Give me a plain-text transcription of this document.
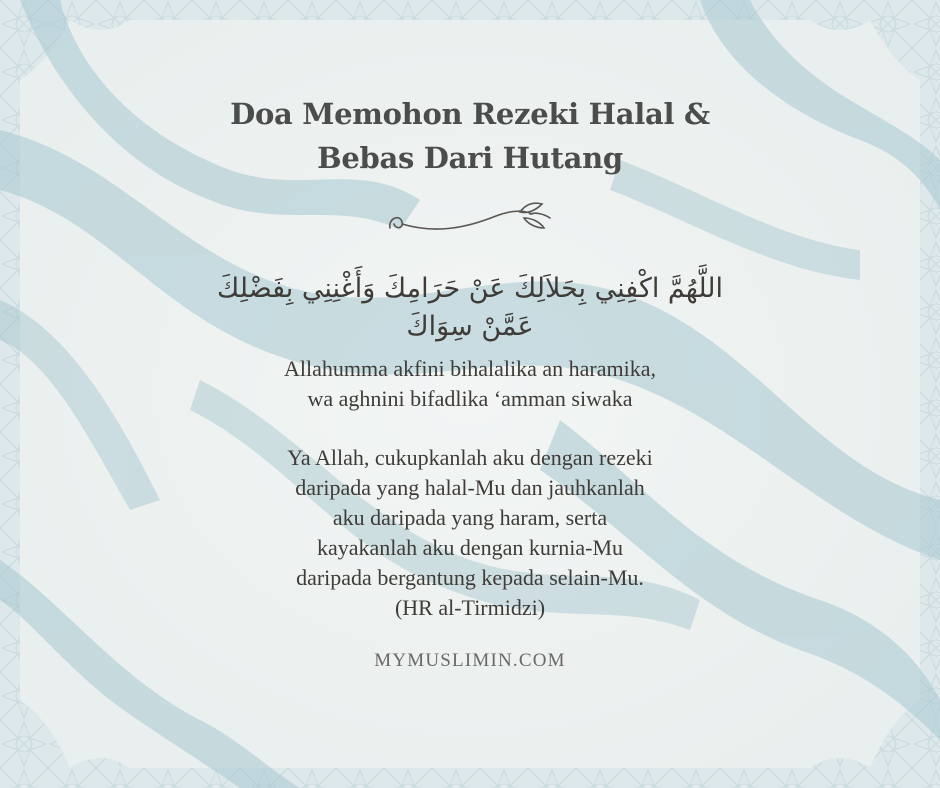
Doa Memohon Rezeki Halal &
Bebas Dari Hutang
اللَّهُمَّ اكْفِنِي بِحَلاَلِكَ عَنْ حَرَامِكَ وَأَغْنِنِي بِفَضْلِكَ
عَمَّنْ سِوَاكَ
Allahumma akfini bihalalika an haramika,
wa aghnini bifadlika ‘amman siwaka
Ya Allah, cukupkanlah aku dengan rezeki
daripada yang halal-Mu dan jauhkanlah
aku daripada yang haram, serta
kayakanlah aku dengan kurnia-Mu
daripada bergantung kepada selain-Mu.
(HR al-Tirmidzi)
MYMUSLIMIN.COM
